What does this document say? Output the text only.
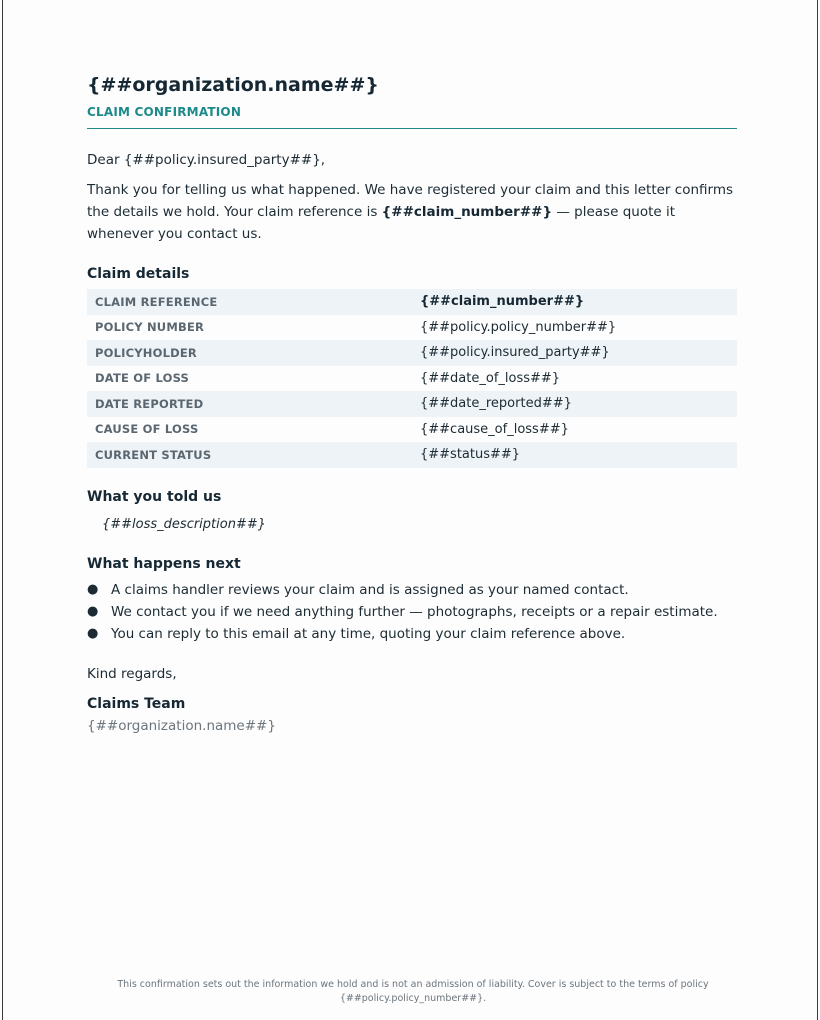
{##organization.name##}
CLAIM CONFIRMATION
Dear {##policy.insured_party##},
Thank you for telling us what happened. We have registered your claim and this letter confirms the details we hold. Your claim reference is {##claim_number##} — please quote it whenever you contact us.
Claim details
CLAIM REFERENCE	{##claim_number##}
POLICY NUMBER	{##policy.policy_number##}
POLICYHOLDER	{##policy.insured_party##}
DATE OF LOSS	{##date_of_loss##}
DATE REPORTED	{##date_reported##}
CAUSE OF LOSS	{##cause_of_loss##}
CURRENT STATUS	{##status##}
What you told us
{##loss_description##}
What happens next
● A claims handler reviews your claim and is assigned as your named contact.
● We contact you if we need anything further — photographs, receipts or a repair estimate.
● You can reply to this email at any time, quoting your claim reference above.
Kind regards,
Claims Team
{##organization.name##}
This confirmation sets out the information we hold and is not an admission of liability. Cover is subject to the terms of policy
{##policy.policy_number##}.
